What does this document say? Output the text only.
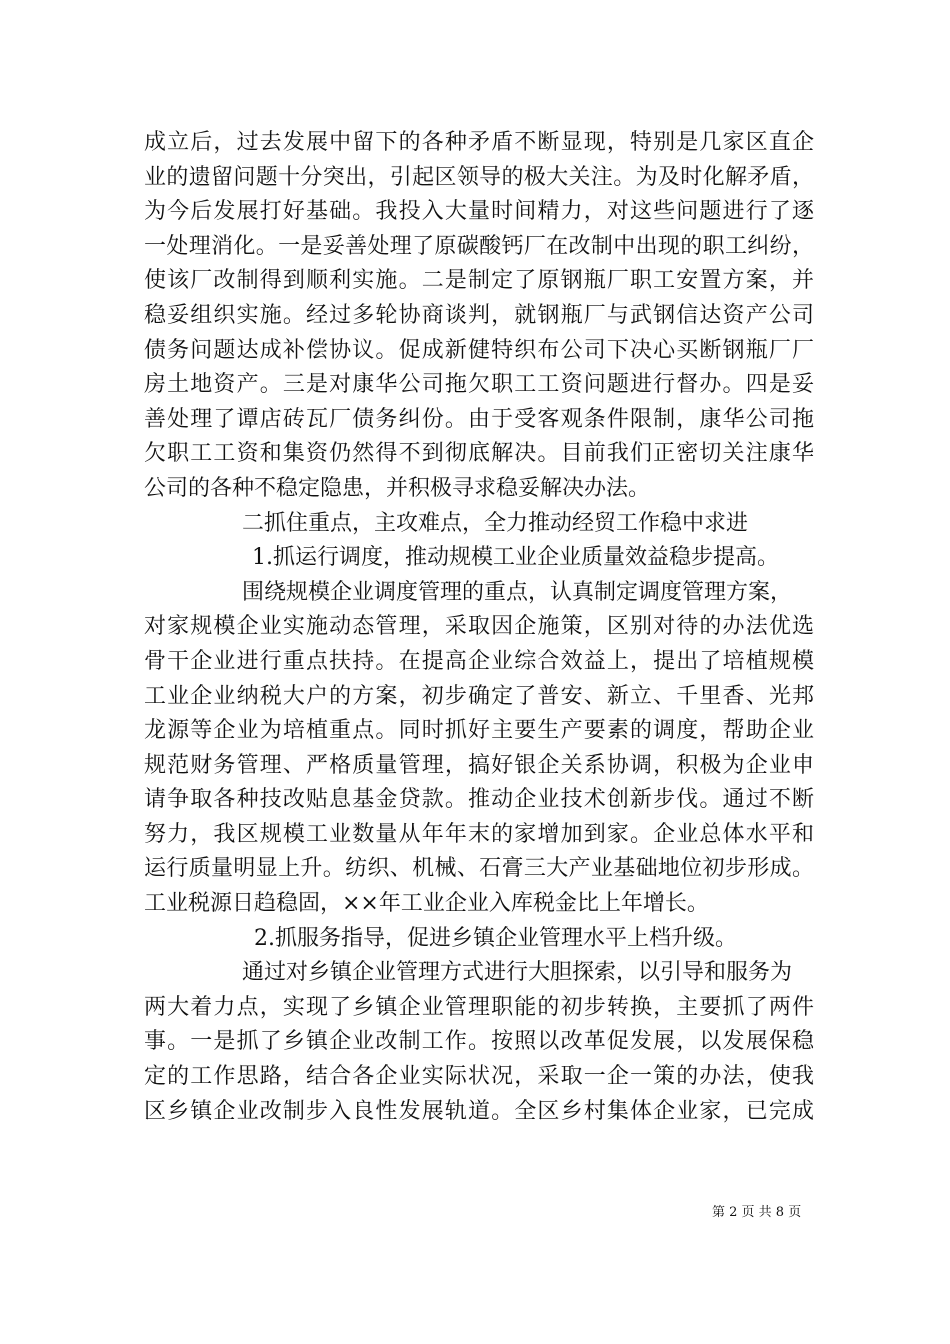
成立后，过去发展中留下的各种矛盾不断显现，特别是几家区直企
业的遗留问题十分突出，引起区领导的极大关注。为及时化解矛盾，
为今后发展打好基础。我投入大量时间精力，对这些问题进行了逐
一处理消化。一是妥善处理了原碳酸钙厂在改制中出现的职工纠纷，
使该厂改制得到顺利实施。二是制定了原钢瓶厂职工安置方案，并
稳妥组织实施。经过多轮协商谈判，就钢瓶厂与武钢信达资产公司
债务问题达成补偿协议。促成新健特织布公司下决心买断钢瓶厂厂
房土地资产。三是对康华公司拖欠职工工资问题进行督办。四是妥
善处理了谭店砖瓦厂债务纠份。由于受客观条件限制，康华公司拖
欠职工工资和集资仍然得不到彻底解决。目前我们正密切关注康华
公司的各种不稳定隐患，并积极寻求稳妥解决办法。
二抓住重点，主攻难点，全力推动经贸工作稳中求进
1.抓运行调度，推动规模工业企业质量效益稳步提高。
围绕规模企业调度管理的重点，认真制定调度管理方案，
对家规模企业实施动态管理，采取因企施策，区别对待的办法优选
骨干企业进行重点扶持。在提高企业综合效益上，提出了培植规模
工业企业纳税大户的方案，初步确定了普安、新立、千里香、光邦
龙源等企业为培植重点。同时抓好主要生产要素的调度，帮助企业
规范财务管理、严格质量管理，搞好银企关系协调，积极为企业申
请争取各种技改贴息基金贷款。推动企业技术创新步伐。通过不断
努力，我区规模工业数量从年年末的家增加到家。企业总体水平和
运行质量明显上升。纺织、机械、石膏三大产业基础地位初步形成。
工业税源日趋稳固，××年工业企业入库税金比上年增长。
2.抓服务指导，促进乡镇企业管理水平上档升级。
通过对乡镇企业管理方式进行大胆探索，以引导和服务为
两大着力点，实现了乡镇企业管理职能的初步转换，主要抓了两件
事。一是抓了乡镇企业改制工作。按照以改革促发展，以发展保稳
定的工作思路，结合各企业实际状况，采取一企一策的办法，使我
区乡镇企业改制步入良性发展轨道。全区乡村集体企业家，已完成
第 2 页 共 8 页
